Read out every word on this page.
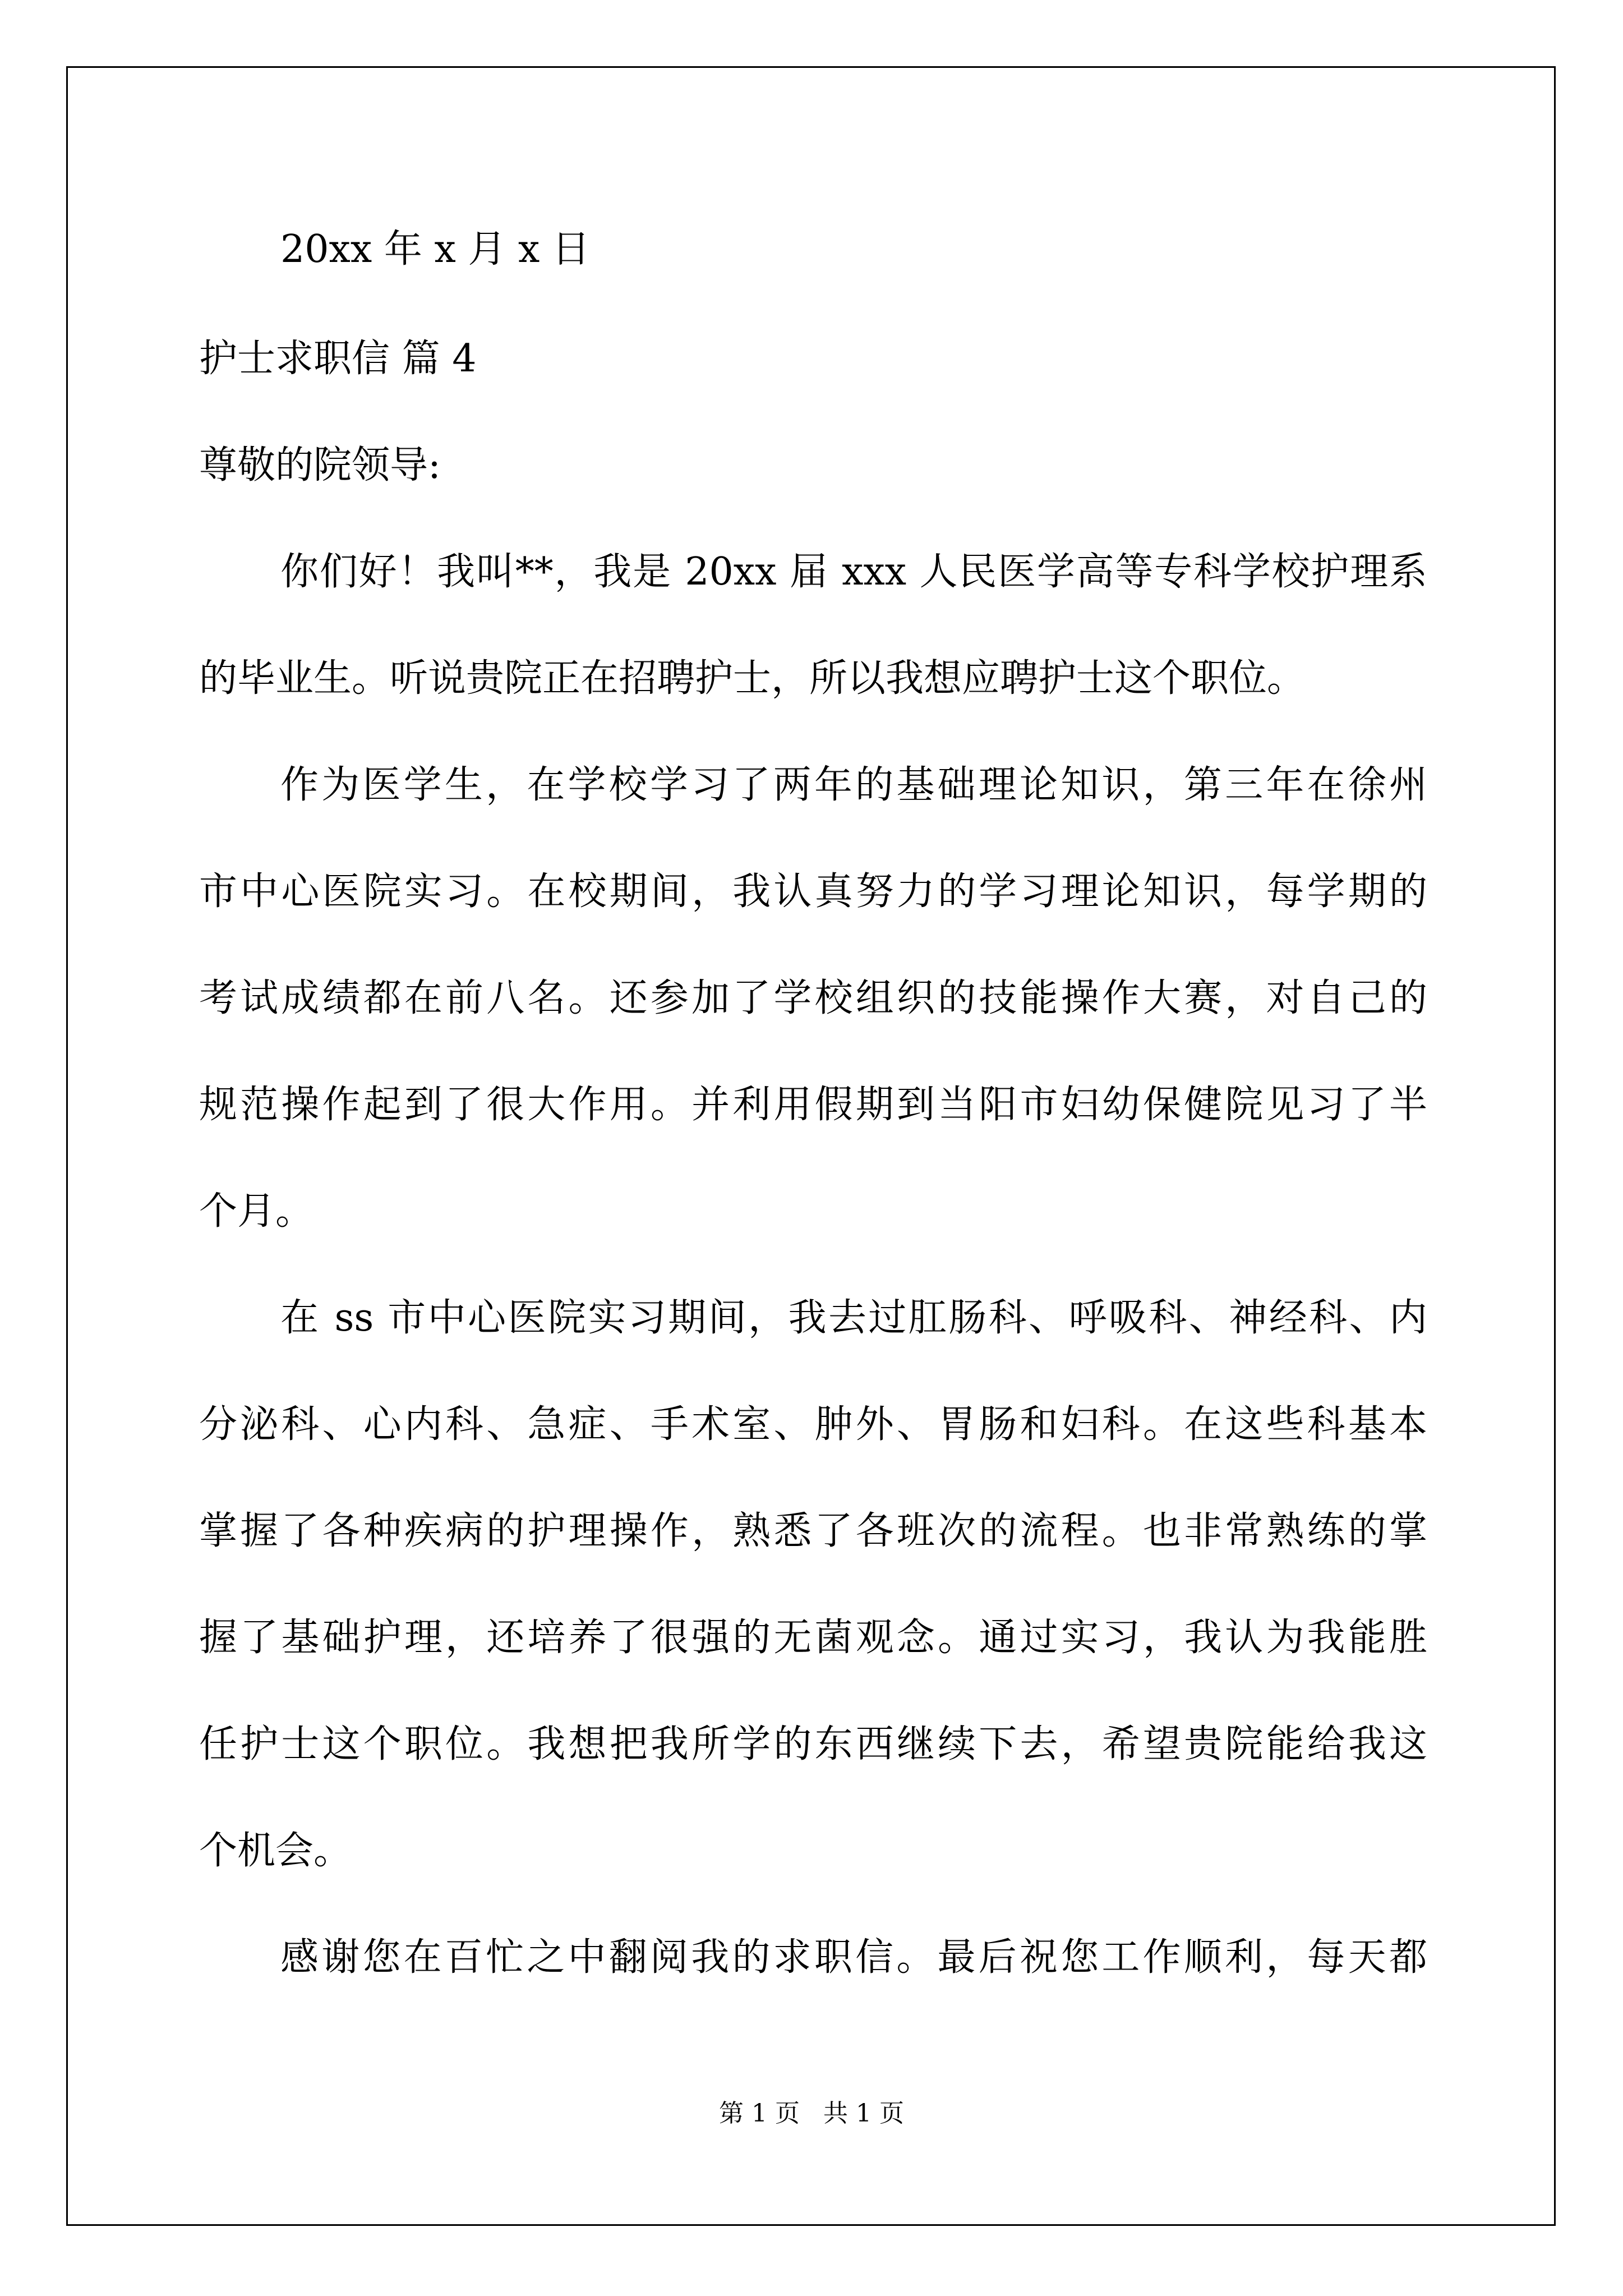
20xx 年 x 月 x 日
护士求职信 篇 4
尊敬的院领导:
你们好！我叫**，我是 20xx 届 xxx 人民医学高等专科学校护理系
的毕业生。听说贵院正在招聘护士，所以我想应聘护士这个职位。
作为医学生，在学校学习了两年的基础理论知识，第三年在徐州
市中心医院实习。在校期间，我认真努力的学习理论知识，每学期的
考试成绩都在前八名。还参加了学校组织的技能操作大赛，对自己的
规范操作起到了很大作用。并利用假期到当阳市妇幼保健院见习了半
个月。
在 ss 市中心医院实习期间，我去过肛肠科、呼吸科、神经科、内
分泌科、心内科、急症、手术室、肿外、胃肠和妇科。在这些科基本
掌握了各种疾病的护理操作，熟悉了各班次的流程。也非常熟练的掌
握了基础护理，还培养了很强的无菌观念。通过实习，我认为我能胜
任护士这个职位。我想把我所学的东西继续下去，希望贵院能给我这
个机会。
感谢您在百忙之中翻阅我的求职信。最后祝您工作顺利，每天都
第 1 页   共 1 页
